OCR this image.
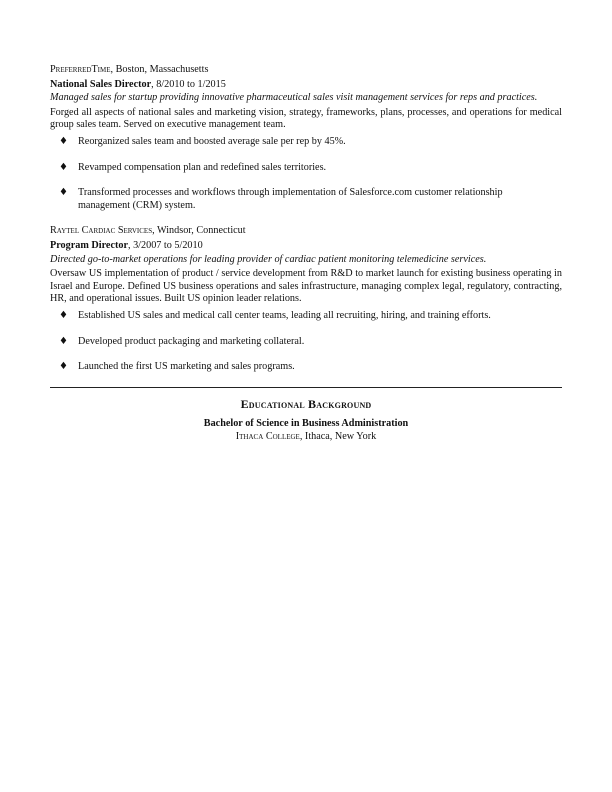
PreferredTime, Boston, Massachusetts

National Sales Director, 8/2010 to 1/2015

Managed sales for startup providing innovative pharmaceutical sales visit management services for reps and practices.

Forged all aspects of national sales and marketing vision, strategy, frameworks, plans, processes, and operations for medical group sales team. Served on executive management team.

♦ Reorganized sales team and boosted average sale per rep by 45%.
♦ Revamped compensation plan and redefined sales territories.
♦ Transformed processes and workflows through implementation of Salesforce.com customer relationship management (CRM) system.

Raytel Cardiac Services, Windsor, Connecticut

Program Director, 3/2007 to 5/2010

Directed go-to-market operations for leading provider of cardiac patient monitoring telemedicine services.

Oversaw US implementation of product / service development from R&D to market launch for existing business operating in Israel and Europe. Defined US business operations and sales infrastructure, managing complex legal, regulatory, contracting, HR, and operational issues. Built US opinion leader relations.

♦ Established US sales and medical call center teams, leading all recruiting, hiring, and training efforts.
♦ Developed product packaging and marketing collateral.
♦ Launched the first US marketing and sales programs.

Educational Background

Bachelor of Science in Business Administration

Ithaca College, Ithaca, New York
